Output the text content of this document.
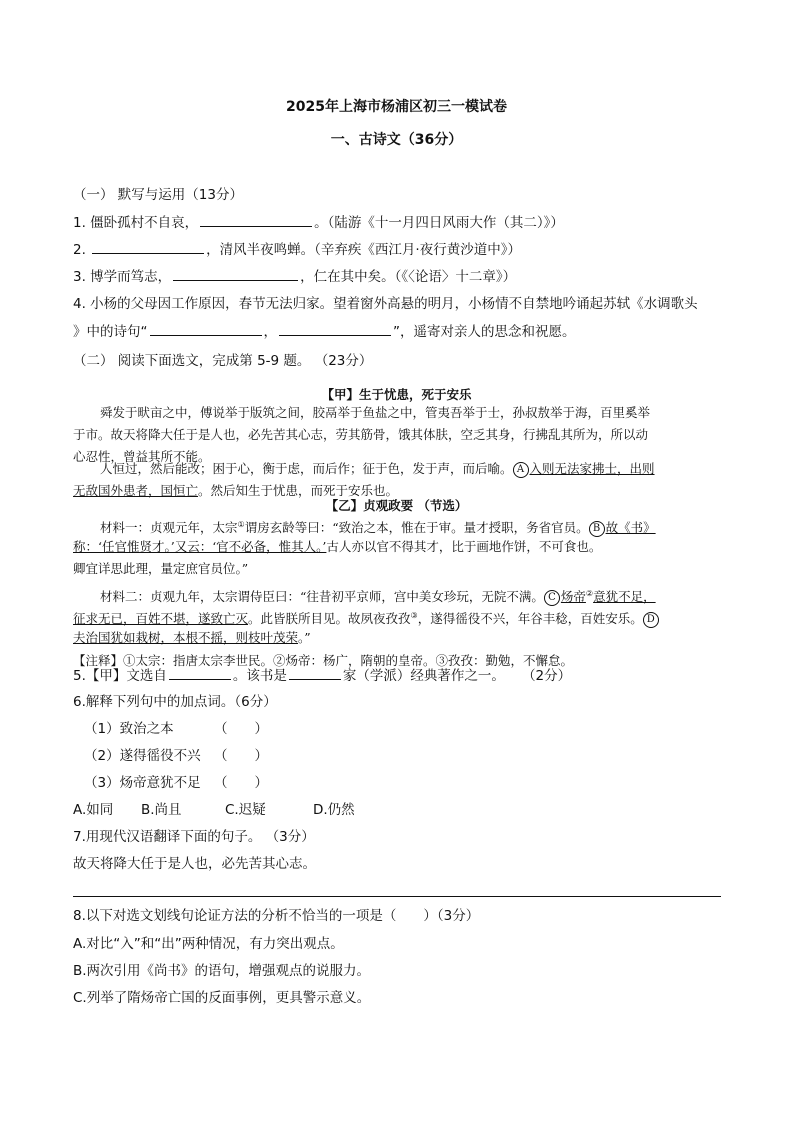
2025年上海市杨浦区初三一模试卷
一、古诗文（36分）
（一） 默写与运用（13分）
1. 僵卧孤村不自哀，	。（陆游《十一月四日风雨大作（其二）》）
2.	，清风半夜鸣蝉。（辛弃疾《西江月·夜行黄沙道中》）
3. 博学而笃志，	，仁在其中矣。（《〈论语〉十二章》）
4. 小杨的父母因工作原因，春节无法归家。望着窗外高悬的明月，小杨情不自禁地吟诵起苏轼《水调歌头
》中的诗句“	，	”，遥寄对亲人的思念和祝愿。
（二） 阅读下面选文，完成第 5-9 题。 （23分）
【甲】生于忧患，死于安乐
舜发于畎亩之中，傅说举于版筑之间，胶鬲举于鱼盐之中，管夷吾举于士，孙叔敖举于海，百里奚举
于市。故天将降大任于是人也，必先苦其心志，劳其筋骨，饿其体肤，空乏其身，行拂乱其所为，所以动
心忍性，曾益其所不能。
人恒过，然后能改；困于心，衡于虑，而后作；征于色，发于声，而后喻。 A 入则无法家拂士，出则
无敌国外患者，国恒亡。然后知生于忧患，而死于安乐也。
【乙】贞观政要 （节选）
材料一：贞观元年，太宗①谓房玄龄等曰：“致治之本，惟在于审。量才授职，务省官员。 B 故《书》
称：‘任官惟贤才。’又云：‘官不必备，惟其人。’古人亦以官不得其才，比于画地作饼，不可食也。
卿宜详思此理，量定庶官员位。”
材料二：贞观九年，太宗谓侍臣曰：“往昔初平京师，宫中美女珍玩，无院不满。 C 炀帝②意犹不足，
征求无已，百姓不堪，遂致亡灭。此皆朕所目见。故夙夜孜孜③，遂得徭役不兴，年谷丰稔，百姓安乐。 D
夫治国犹如栽树，本根不摇，则枝叶茂荣。”
【注释】①太宗：指唐太宗李世民。②炀帝：杨广，隋朝的皇帝。③孜孜：勤勉，不懈怠。
5.【甲】文选自	。该书是	家（学派）经典著作之一。 （2分）
6.解释下列句中的加点词。（6分）
（1）致治之本	（　　）
（2）遂得徭役不兴 （　　）
（3）炀帝意犹不足 （　　）
A.如同 B.尚且	C.迟疑	D.仍然
7.用现代汉语翻译下面的句子。 （3分）
故天将降大任于是人也，必先苦其心志。
8.以下对选文划线句论证方法的分析不恰当的一项是（　　）（3分）
A.对比“入”和“出”两种情况，有力突出观点。
B.两次引用《尚书》的语句，增强观点的说服力。
C.列举了隋炀帝亡国的反面事例，更具警示意义。
